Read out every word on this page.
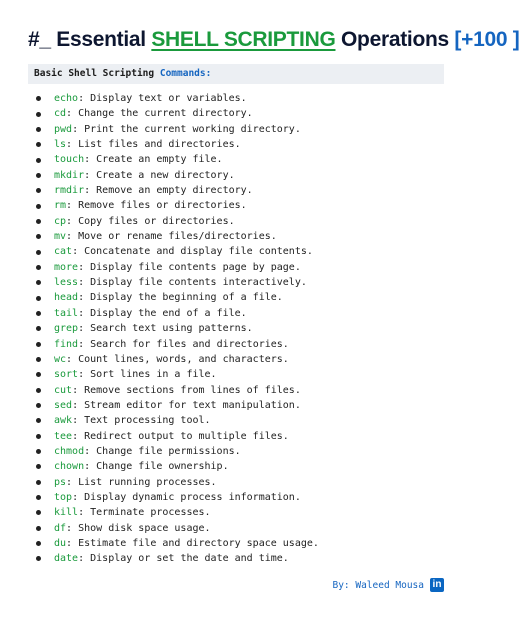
#_ Essential SHELL SCRIPTING Operations [+100 ]
Basic Shell Scripting Commands:
echo : Display text or variables.
cd : Change the current directory.
pwd : Print the current working directory.
ls : List files and directories.
touch : Create an empty file.
mkdir : Create a new directory.
rmdir : Remove an empty directory.
rm : Remove files or directories.
cp : Copy files or directories.
mv : Move or rename files/directories.
cat : Concatenate and display file contents.
more : Display file contents page by page.
less : Display file contents interactively.
head : Display the beginning of a file.
tail : Display the end of a file.
grep : Search text using patterns.
find : Search for files and directories.
wc : Count lines, words, and characters.
sort : Sort lines in a file.
cut : Remove sections from lines of files.
sed : Stream editor for text manipulation.
awk : Text processing tool.
tee : Redirect output to multiple files.
chmod : Change file permissions.
chown : Change file ownership.
ps : List running processes.
top : Display dynamic process information.
kill : Terminate processes.
df : Show disk space usage.
du : Estimate file and directory space usage.
date : Display or set the date and time.
By: Waleed Mousa in
